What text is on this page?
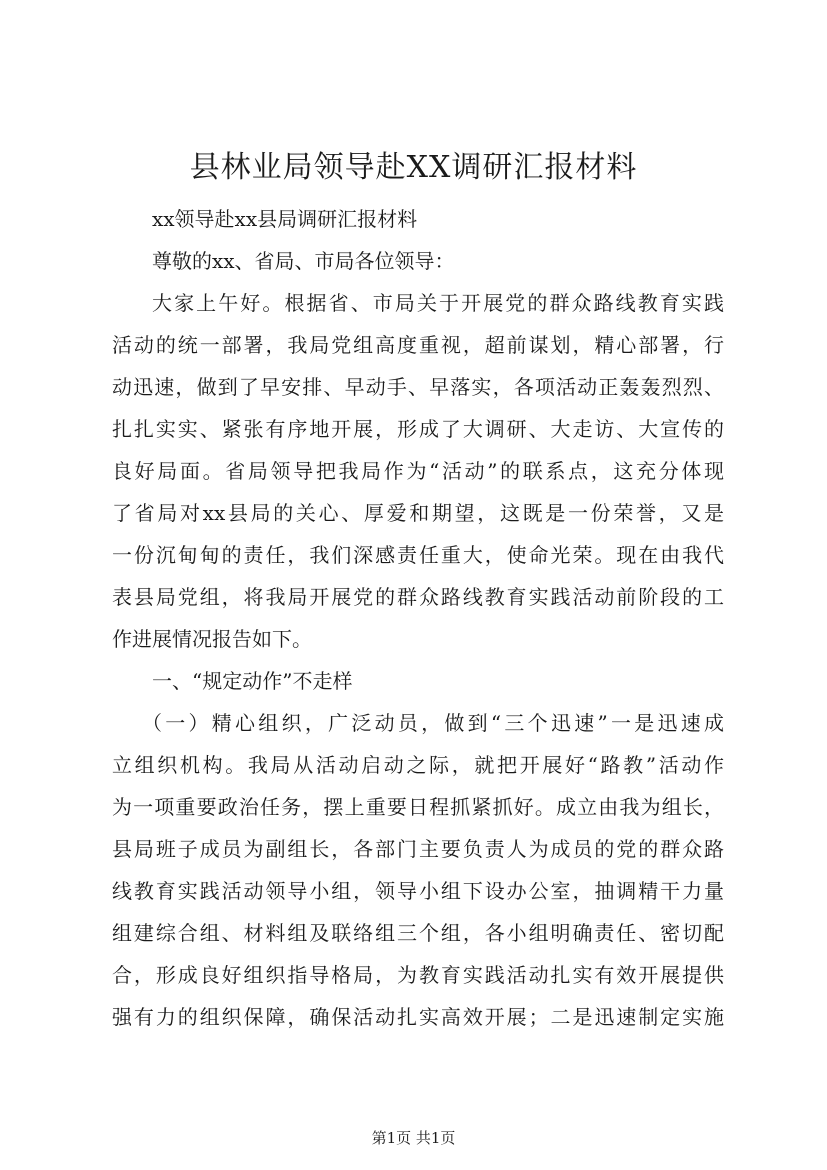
县林业局领导赴XX调研汇报材料
xx领导赴xx县局调研汇报材料
尊敬的xx、省局、市局各位领导：
大家上午好。根据省、市局关于开展党的群众路线教育实践
活动的统一部署，我局党组高度重视，超前谋划，精心部署，行
动迅速，做到了早安排、早动手、早落实，各项活动正轰轰烈烈、
扎扎实实、紧张有序地开展，形成了大调研、大走访、大宣传的
良好局面。省局领导把我局作为“活动”的联系点，这充分体现
了省局对xx县局的关心、厚爱和期望，这既是一份荣誉，又是
一份沉甸甸的责任，我们深感责任重大，使命光荣。现在由我代
表县局党组，将我局开展党的群众路线教育实践活动前阶段的工
作进展情况报告如下。
一、“规定动作”不走样
（一）精心组织，广泛动员，做到“三个迅速”一是迅速成
立组织机构。我局从活动启动之际，就把开展好“路教”活动作
为一项重要政治任务，摆上重要日程抓紧抓好。成立由我为组长，
县局班子成员为副组长，各部门主要负责人为成员的党的群众路
线教育实践活动领导小组，领导小组下设办公室，抽调精干力量
组建综合组、材料组及联络组三个组，各小组明确责任、密切配
合，形成良好组织指导格局，为教育实践活动扎实有效开展提供
强有力的组织保障，确保活动扎实高效开展；二是迅速制定实施
第1页 共1页
